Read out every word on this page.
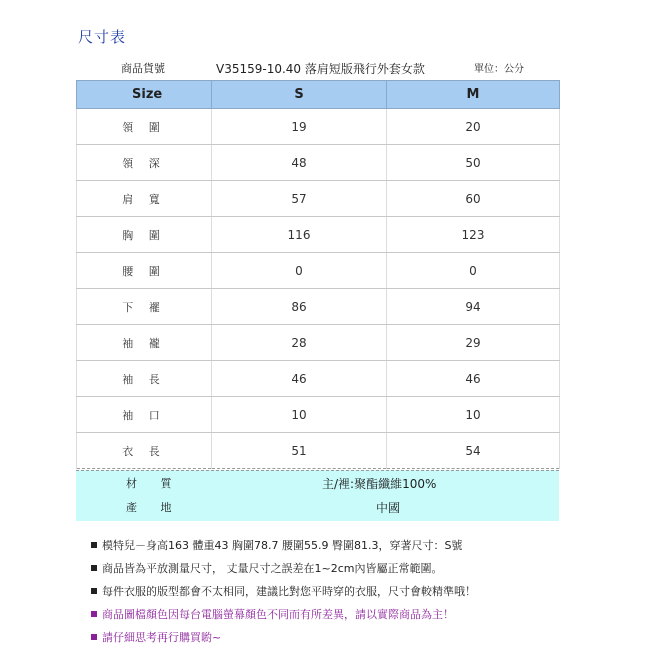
尺寸表
商品貨號	V35159-10.40 落肩短版飛行外套女款	單位：公分
Size	S	M
領 圍	19	20
領 深	48	50
肩 寬	57	60
胸 圍	116	123
腰 圍	0	0
下 襬	86	94
袖 襱	28	29
袖 長	46	46
袖 口	10	10
衣 長	51	54
材 質	主/裡:聚酯纖維100%
產 地	中國
模特兒－身高163 體重43 胸圍78.7 腰圍55.9 臀圍81.3，穿著尺寸：S號
商品皆為平放測量尺寸， 丈量尺寸之誤差在1~2cm內皆屬正常範圍。
每件衣服的版型都會不太相同，建議比對您平時穿的衣服，尺寸會較精準哦！
商品圖檔顏色因每台電腦螢幕顏色不同而有所差異，請以實際商品為主！
請仔細思考再行購買喲~
